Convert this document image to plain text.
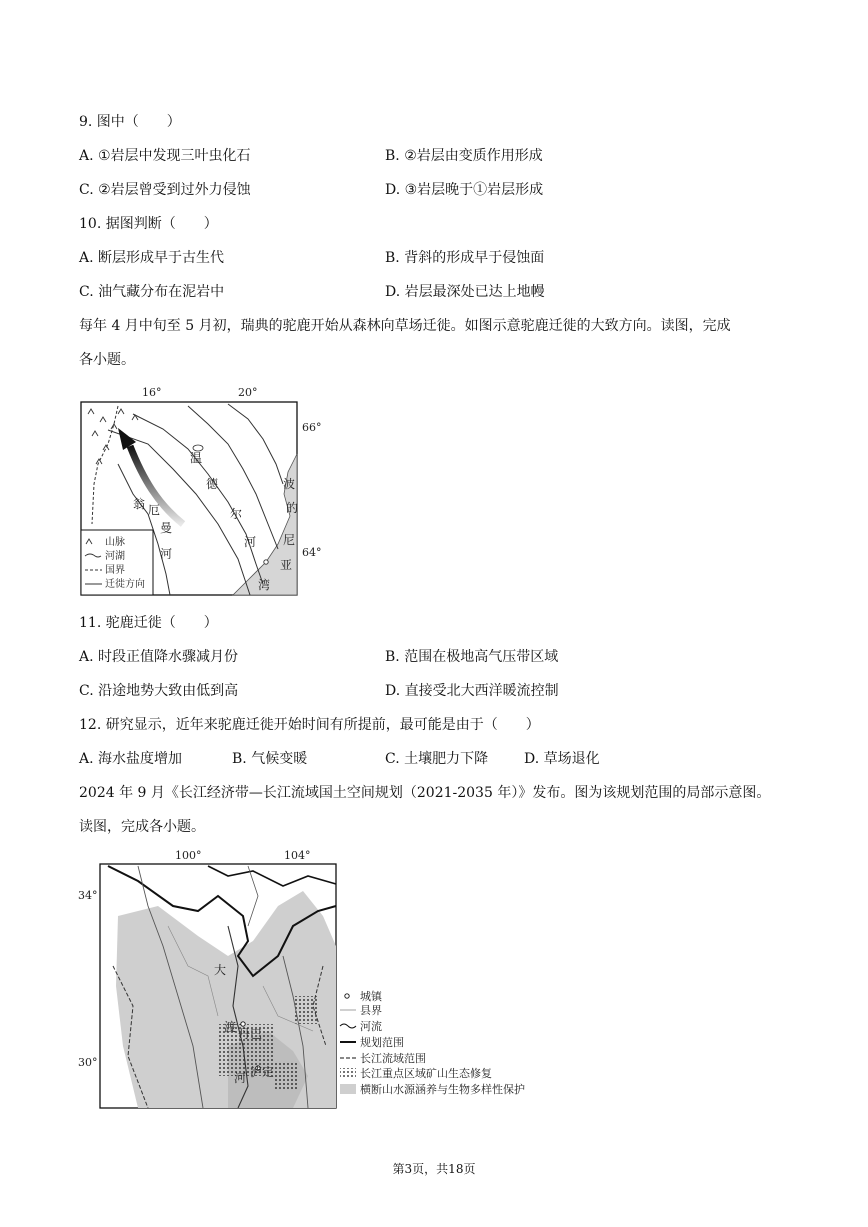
9. 图中（　　）
A. ①岩层中发现三叶虫化石	B. ②岩层由变质作用形成
C. ②岩层曾受到过外力侵蚀	D. ③岩层晚于①岩层形成
10. 据图判断（　　）
A. 断层形成早于古生代	B. 背斜的形成早于侵蚀面
C. 油气藏分布在泥岩中	D. 岩层最深处已达上地幔
每年 4 月中旬至 5 月初，瑞典的驼鹿开始从森林向草场迁徙。如图示意驼鹿迁徙的大致方向。读图，完成
各小题。
山脉
河湖
国界
迁徙方向
16°	20°
66°
64°
温
德
尔
河
波
的
尼
亚
湾
翁 厄
曼
河
11. 驼鹿迁徙（　　）
A. 时段正值降水骤减月份	B. 范围在极地高气压带区域
C. 沿途地势大致由低到高	D. 直接受北大西洋暖流控制
12. 研究显示，近年来驼鹿迁徙开始时间有所提前，最可能是由于（　　）
A. 海水盐度增加	B. 气候变暖	C. 土壤肥力下降	D. 草场退化
2024 年 9 月《长江经济带—长江流域国土空间规划（2021-2035 年）》发布。图为该规划范围的局部示意图。
读图，完成各小题。
100°	104°
34°
30°
大
渡 丹巴
河 泸定
城镇
县界
河流
规划范围
长江流域范围
长江重点区域矿山生态修复
横断山水源涵养与生物多样性保护
第3页，共18页
